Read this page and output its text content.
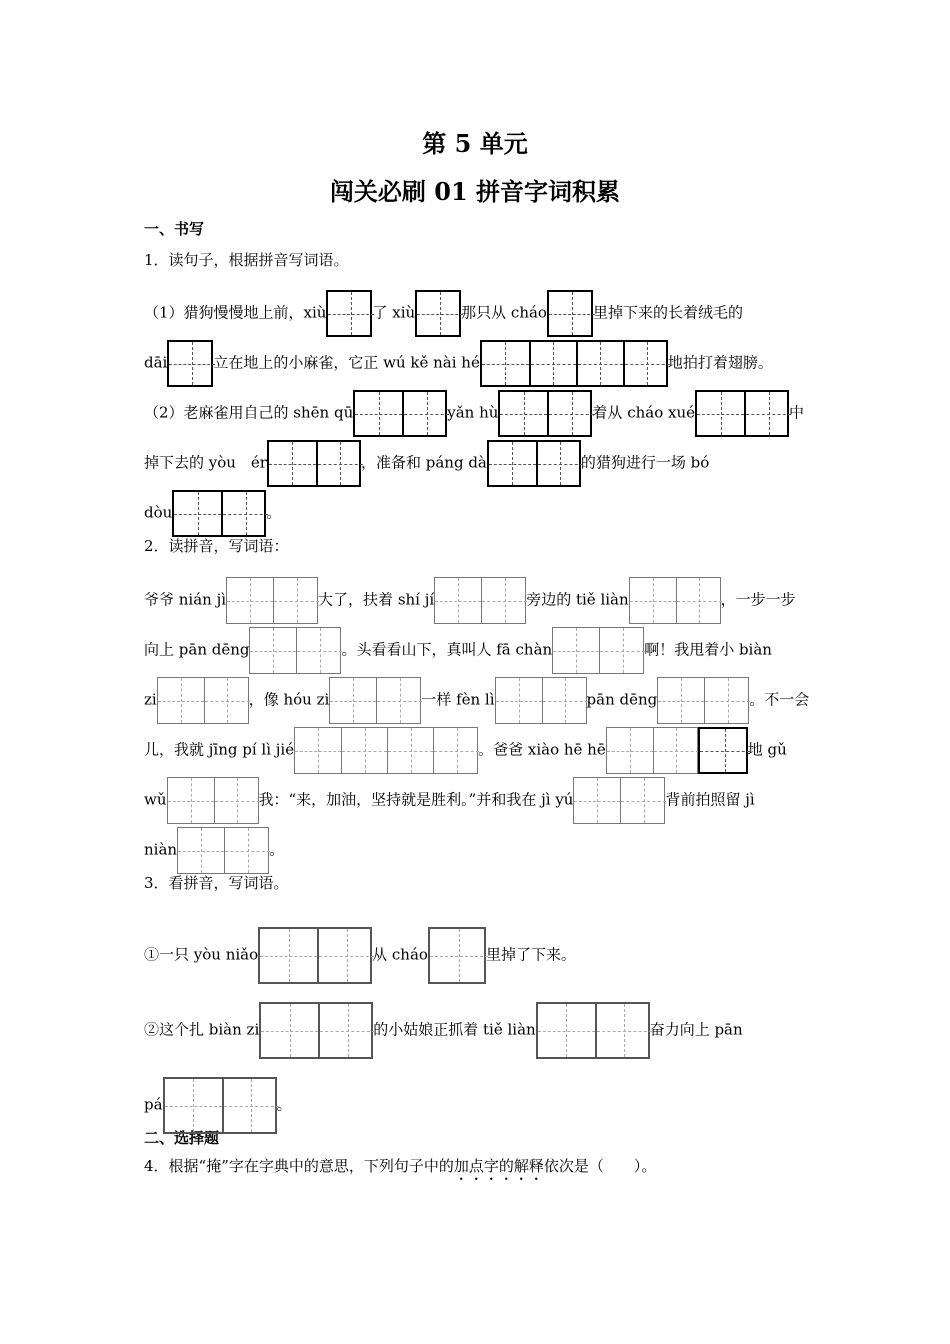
第 5 单元
闯关必刷 01 拼音字词积累
一、书写
1．读句子，根据拼音写词语。
2．读拼音，写词语：
3．看拼音，写词语。
二、选择题
4．根据“掩”字在字典中的意思，下列句子中的加点字的解释依次是（　　）。
（1）猎狗慢慢地上前，xiù	了 xiù	那只从 cháo	里掉下来的长着绒毛的
dāi	立在地上的小麻雀，它正 wú kě nài hé	地拍打着翅膀。
（2）老麻雀用自己的 shēn qū	yǎn hù	着从 cháo xué	中
掉下去的 yòu　ér	，准备和 páng dà	的猎狗进行一场 bó
dòu	。
爷爷 nián jì	大了，扶着 shí jí	旁边的 tiě liàn	，一步一步
向上 pān dēng	。头看看山下，真叫人 fā chàn	啊！我甩着小 biàn
zi	，像 hóu zi	一样 fèn lì	pān dēng	。不一会
儿，我就 jīng pí lì jié	。爸爸 xiào hē hē	地 gǔ
wǔ	我：“来，加油，坚持就是胜利。”并和我在 jì yú	背前拍照留 jì
niàn	。
①一只 yòu niǎo	从 cháo	里掉了下来。
②这个扎 biàn zi	的小姑娘正抓着 tiě liàn	奋力向上 pān
pá	。
